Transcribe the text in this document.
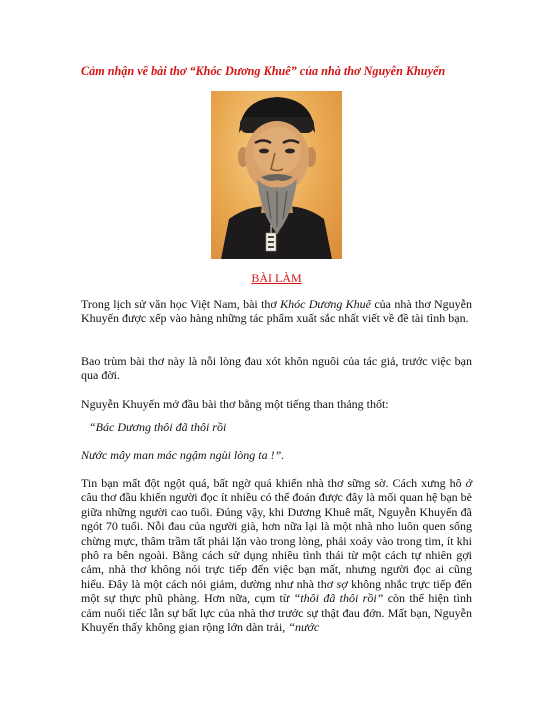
Cảm nhận về bài thơ “Khóc Dương Khuê” của nhà thơ Nguyễn Khuyến
BÀI LÀM

Trong lịch sử văn học Việt Nam, bài thơ Khóc Dương Khuê của nhà thơ Nguyễn Khuyến được xếp vào hàng những tác phẩm xuất sắc nhất viết về đề tài tình bạn.

Bao trùm bài thơ này là nỗi lòng đau xót khôn nguôi của tác giả, trước việc bạn qua đời.

Nguyễn Khuyến mở đầu bài thơ bằng một tiếng than thảng thốt:

“Bác Dương thôi đã thôi rồi

Nước mây man mác ngậm ngùi lòng ta !”.

Tin bạn mất đột ngột quá, bất ngờ quá khiến nhà thơ sững sờ. Cách xưng hô ở câu thơ đầu khiến người đọc ít nhiều có thể đoán được đây là mối quan hệ bạn bè giữa những người cao tuổi. Đúng vậy, khi Dương Khuê mất, Nguyễn Khuyến đã ngót 70 tuổi. Nỗi đau của người già, hơn nữa lại là một nhà nho luôn quen sống chừng mực, thâm trầm tất phải lặn vào trong lòng, phải xoáy vào trong tim, ít khi phô ra bên ngoài. Bằng cách sử dụng nhiều tình thái từ một cách tự nhiên gợi cảm, nhà thơ không nói trực tiếp đến việc bạn mất, nhưng người đọc ai cũng hiểu. Đây là một cách nói giảm, dường như nhà thơ sợ không nhắc trực tiếp đến một sự thực phũ phàng. Hơn nữa, cụm từ “thôi đã thôi rồi” còn thể hiện tình cảm nuối tiếc lẫn sự bất lực của nhà thơ trước sự thật đau đớn. Mất bạn, Nguyễn Khuyến thấy không gian rộng lớn dàn trải, “nước
